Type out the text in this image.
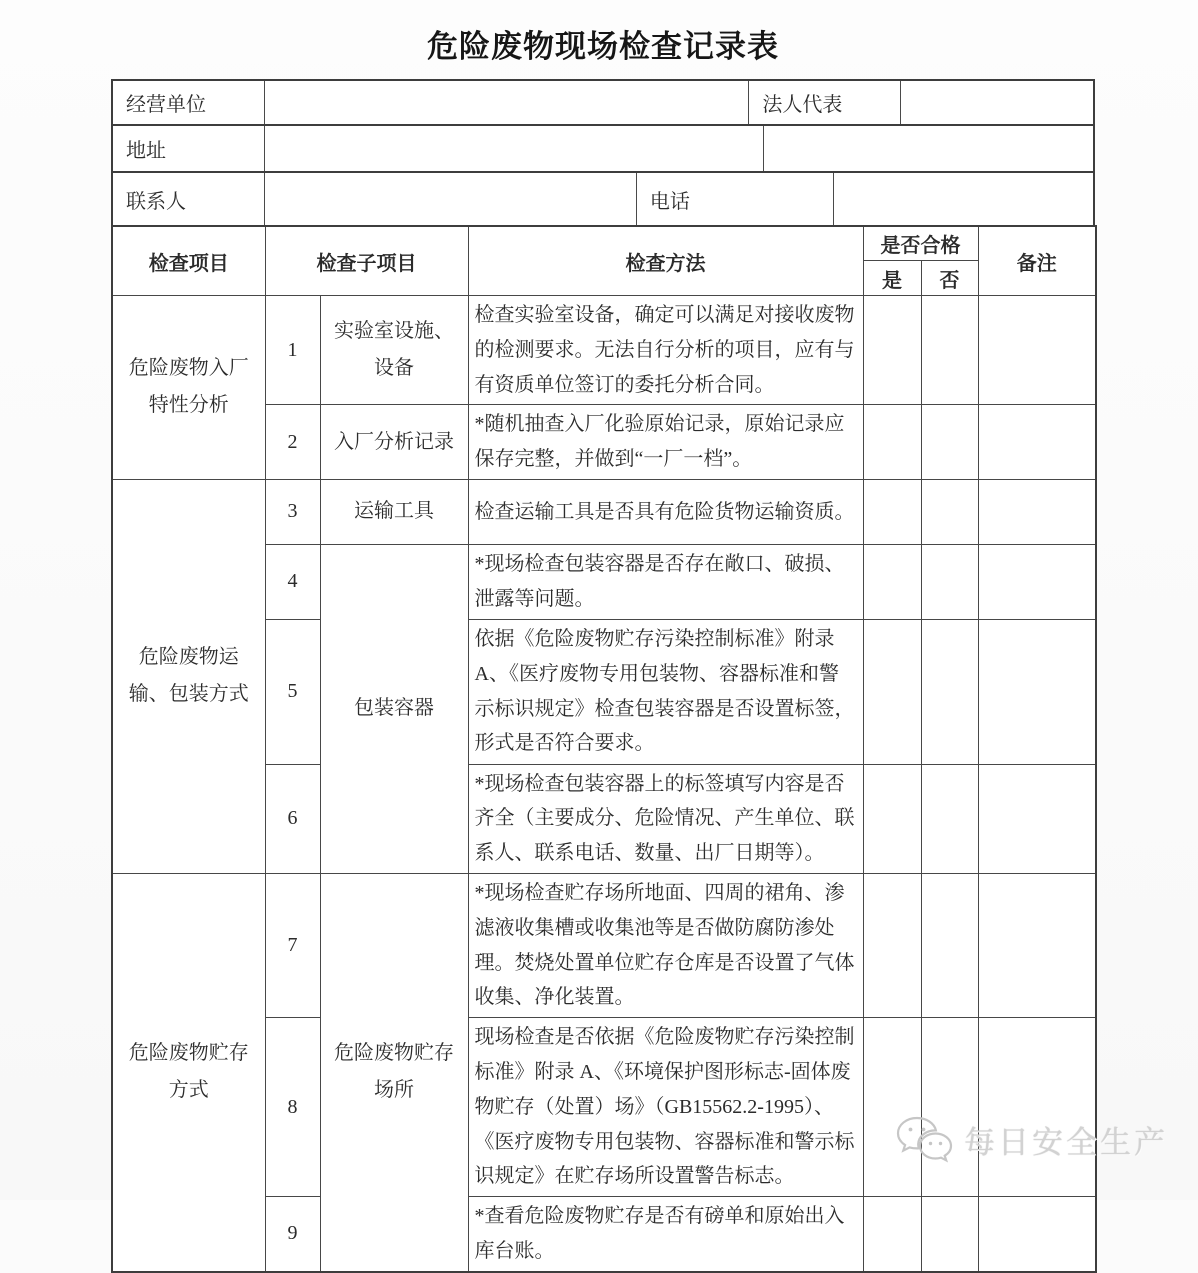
危险废物现场检查记录表
经营单位	法人代表
地址
联系人	电话
检查项目	检查子项目		检查方法	是否合格		备注
				是	否	
危险废物入厂特性分析	1	实验室设施、设备	检查实验室设备，确定可以满足对接收废物的检测要求。无法自行分析的项目，应有与有资质单位签订的委托分析合同。			
	2	入厂分析记录	*随机抽查入厂化验原始记录，原始记录应保存完整，并做到“一厂一档”。			
危险废物运输、包装方式	3	运输工具	检查运输工具是否具有危险货物运输资质。			
	4	包装容器	*现场检查包装容器是否存在敞口、破损、泄露等问题。			
	5		依据《危险废物贮存污染控制标准》附录 A、《医疗废物专用包装物、容器标准和警示标识规定》检查包装容器是否设置标签，形式是否符合要求。			
	6		*现场检查包装容器上的标签填写内容是否齐全（主要成分、危险情况、产生单位、联系人、联系电话、数量、出厂日期等）。			
危险废物贮存方式	7	危险废物贮存场所	*现场检查贮存场所地面、四周的裙角、渗滤液收集槽或收集池等是否做防腐防渗处理。焚烧处置单位贮存仓库是否设置了气体收集、净化装置。			
	8		现场检查是否依据《危险废物贮存污染控制标准》附录 A、《环境保护图形标志-固体废物贮存（处置）场》（GB15562.2-1995）、《医疗废物专用包装物、容器标准和警示标识规定》在贮存场所设置警告标志。			
	9		*查看危险废物贮存是否有磅单和原始出入库台账。			
每日安全生产
